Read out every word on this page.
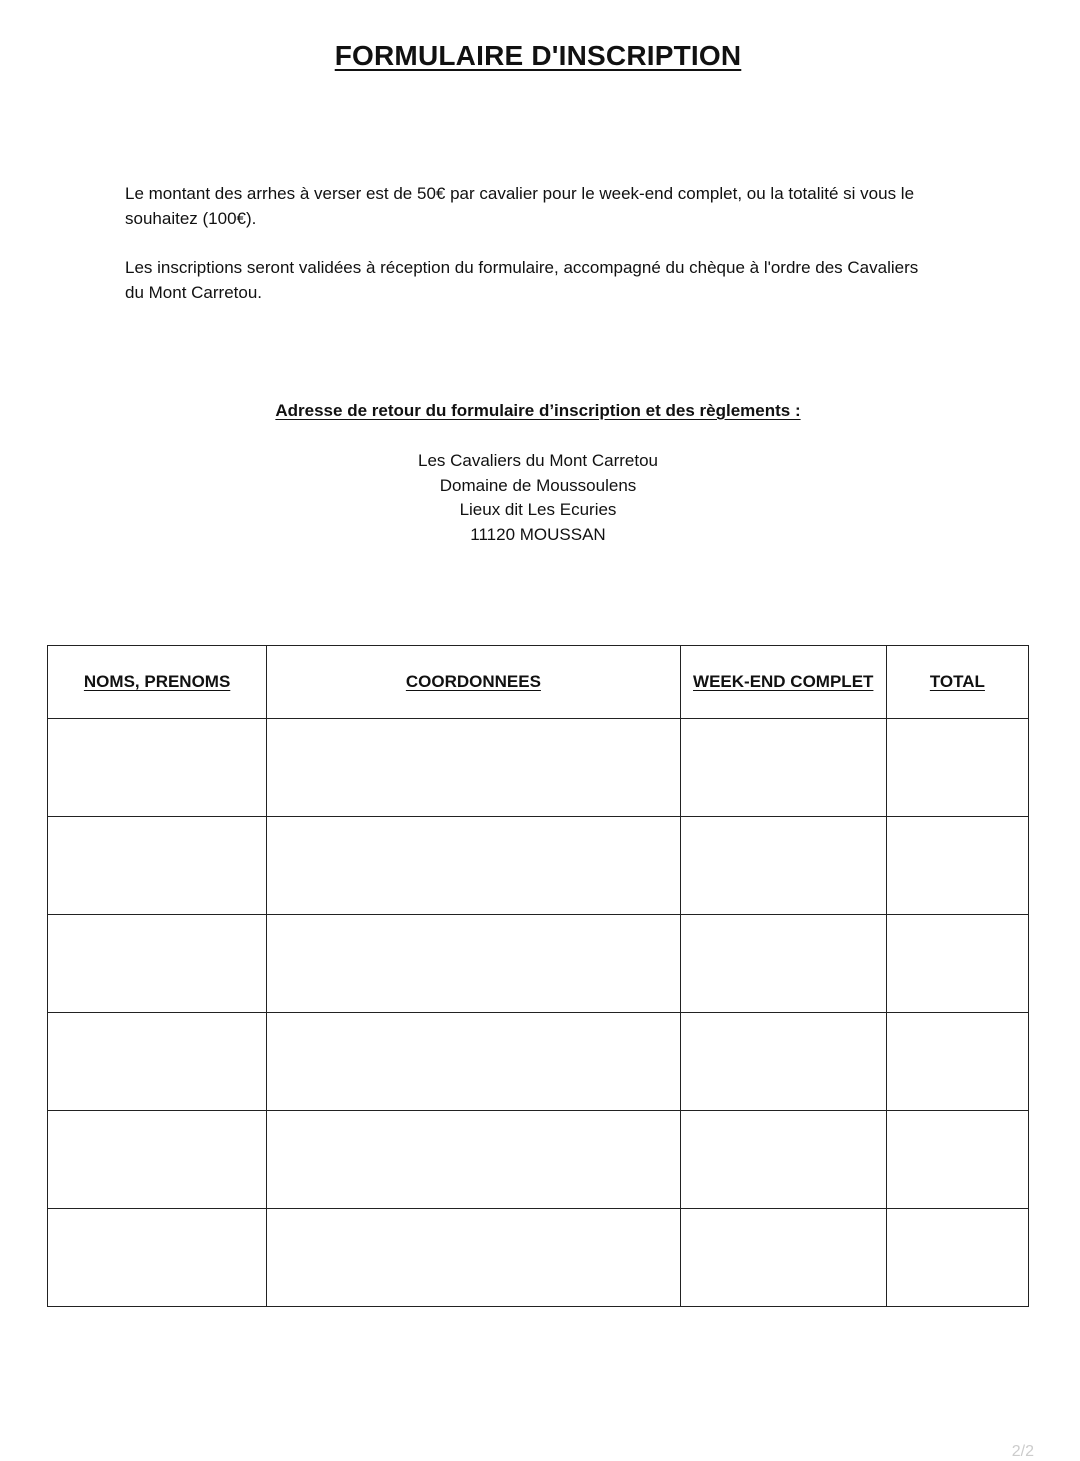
FORMULAIRE D'INSCRIPTION

Le montant des arrhes à verser est de 50€ par cavalier pour le week-end complet, ou la totalité si vous le souhaitez (100€).

Les inscriptions seront validées à réception du formulaire, accompagné du chèque à l'ordre des Cavaliers du Mont Carretou.

Adresse de retour du formulaire d’inscription et des règlements :
Les Cavaliers du Mont Carretou
Domaine de Moussoulens
Lieux dit Les Ecuries
11120 MOUSSAN
NOMS, PRENOMS	COORDONNEES	WEEK-END COMPLET	TOTAL

2/2
